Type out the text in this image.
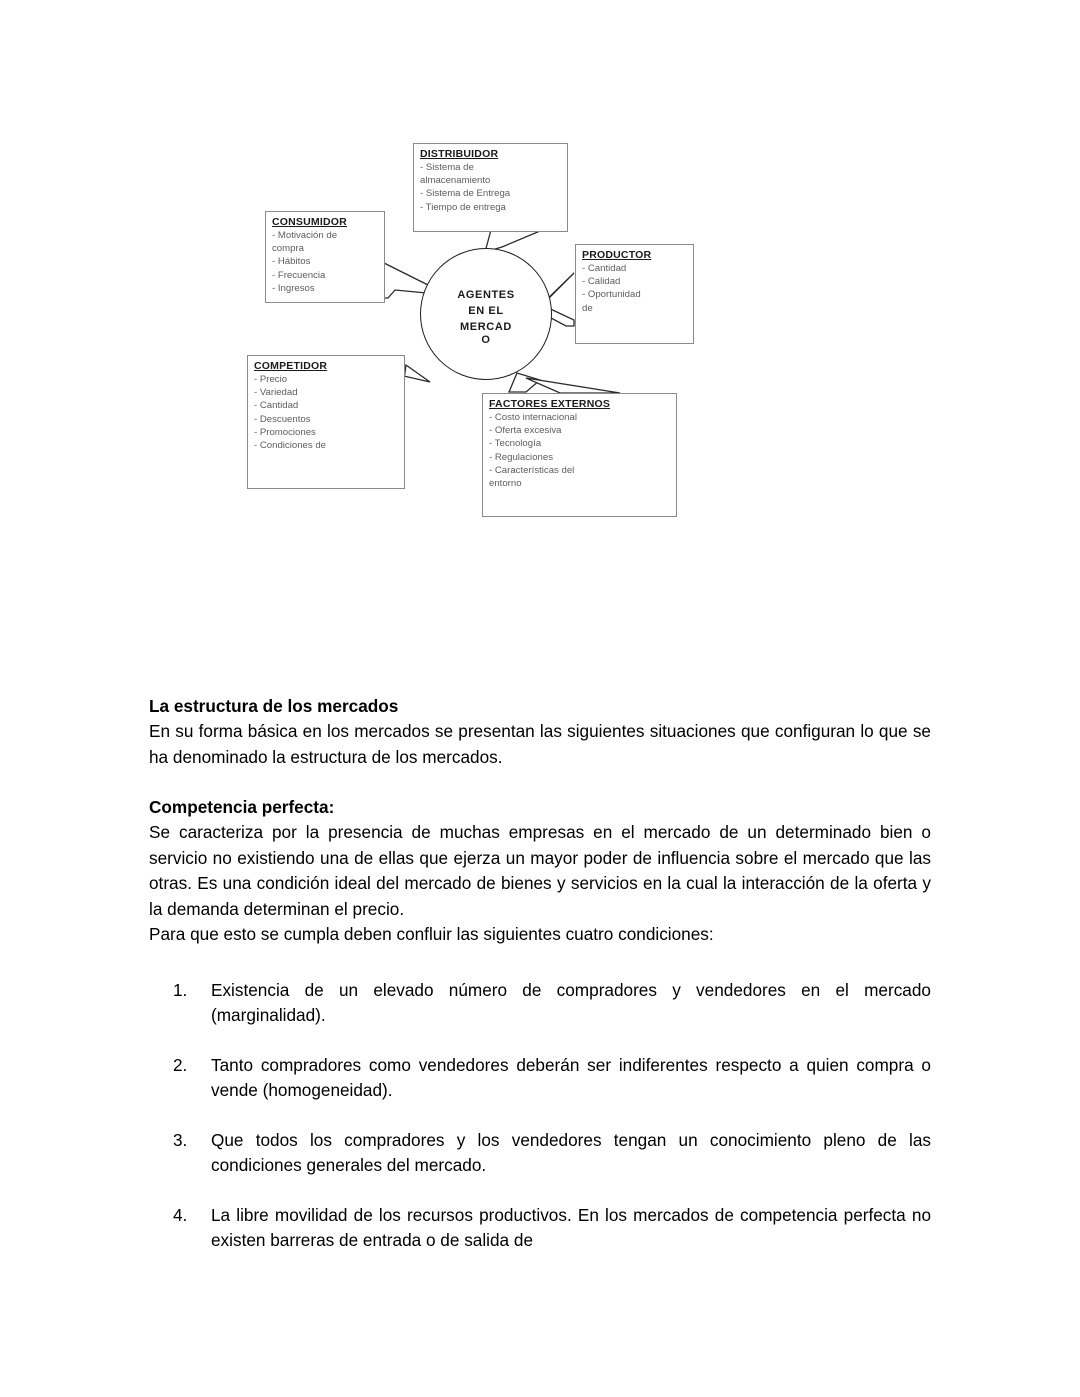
AGENTES
EN EL
MERCAD
O
DISTRIBUIDOR
- Sistema de
almacenamiento
- Sistema de Entrega
- Tiempo de entrega
CONSUMIDOR
- Motivación de
compra
- Hábitos
- Frecuencia
- Ingresos
PRODUCTOR
- Cantidad
- Calidad
- Oportunidad
de
COMPETIDOR
- Precio
- Variedad
- Cantidad
- Descuentos
- Promociones
- Condiciones de
FACTORES EXTERNOS
- Costo internacional
- Oferta excesiva
- Tecnología
- Regulaciones
- Características del
entorno
La estructura de los mercados
En su forma básica en los mercados se presentan las siguientes situaciones que configuran lo que se ha denominado la estructura de los mercados.
Competencia perfecta:
Se caracteriza por la presencia de muchas empresas en el mercado de un determinado bien o servicio no existiendo una de ellas que ejerza un mayor poder de influencia sobre el mercado que las otras. Es una condición ideal del mercado de bienes y servicios en la cual la interacción de la oferta y la demanda determinan el precio.
Para que esto se cumpla deben confluir las siguientes cuatro condiciones:
1.	Existencia de un elevado número de compradores y vendedores en el mercado (marginalidad).
2.	Tanto compradores como vendedores deberán ser indiferentes respecto a quien compra o vende (homogeneidad).
3.	Que todos los compradores y los vendedores tengan un conocimiento pleno de las condiciones generales del mercado.
4.	La libre movilidad de los recursos productivos. En los mercados de competencia perfecta no existen barreras de entrada o de salida de
